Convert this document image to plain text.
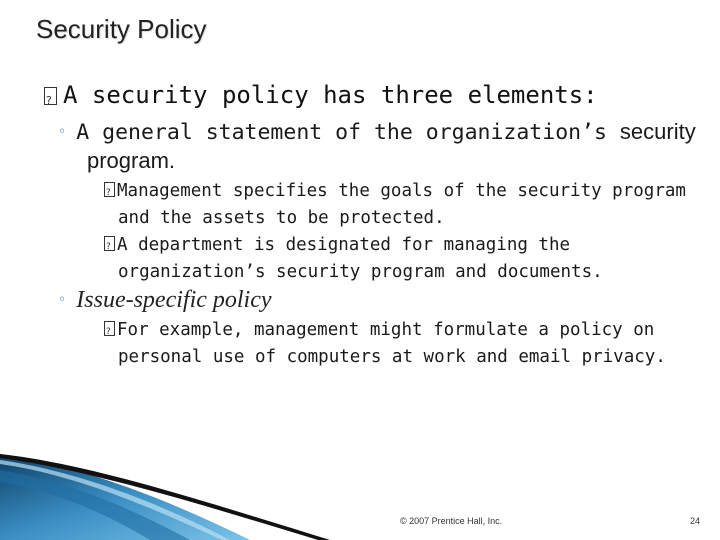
Security Policy
?A security policy has three elements:
◦ A general statement of the organization’s security
program.
?Management specifies the goals of the security program
and the assets to be protected.
?A department is designated for managing the
organization’s security program and documents.
◦ Issue-specific policy
?For example, management might formulate a policy on
personal use of computers at work and email privacy.
© 2007 Prentice Hall, Inc.	24
